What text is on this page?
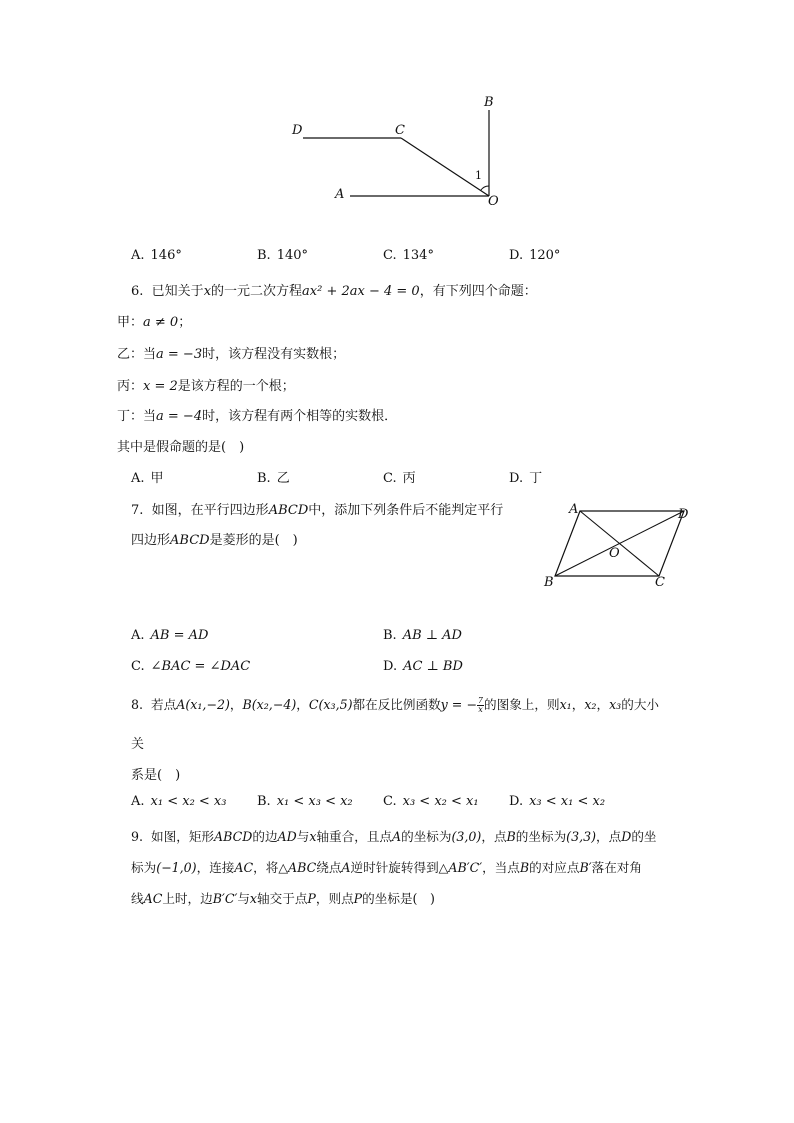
B
D	C
A	O
1
A. 146°	B. 140°	C. 134°	D. 120°
6. 已知关于x的一元二次方程ax² + 2ax − 4 = 0，有下列四个命题：
甲：a ≠ 0；
乙：当a = −3时，该方程没有实数根；
丙：x = 2是该方程的一个根；
丁：当a = −4时，该方程有两个相等的实数根．
其中是假命题的是(　)
A. 甲	B. 乙	C. 丙	D. 丁
7. 如图，在平行四边形ABCD中，添加下列条件后不能判定平行
四边形ABCD是菱形的是(　)
A	D
O
B	C
A. AB = AD	B. AB ⊥ AD
C. ∠BAC = ∠DAC	D. AC ⊥ BD
8. 若点A(x₁,−2)，B(x₂,−4)，C(x₃,5)都在反比例函数y = − $\frac{7}{x}$ 的图象上，则x₁，x₂，x₃的大小
关
系是(　)
A. x₁ < x₂ < x₃ B. x₁ < x₃ < x₂ C. x₃ < x₂ < x₁ D. x₃ < x₁ < x₂
9. 如图，矩形ABCD的边AD与x轴重合，且点A的坐标为(3,0)，点B的坐标为(3,3)，点D的坐
标为(−1,0)，连接AC，将△ABC绕点A逆时针旋转得到△AB′C′，当点B的对应点B′落在对角
线AC上时，边B′C′与x轴交于点P，则点P的坐标是(　)
